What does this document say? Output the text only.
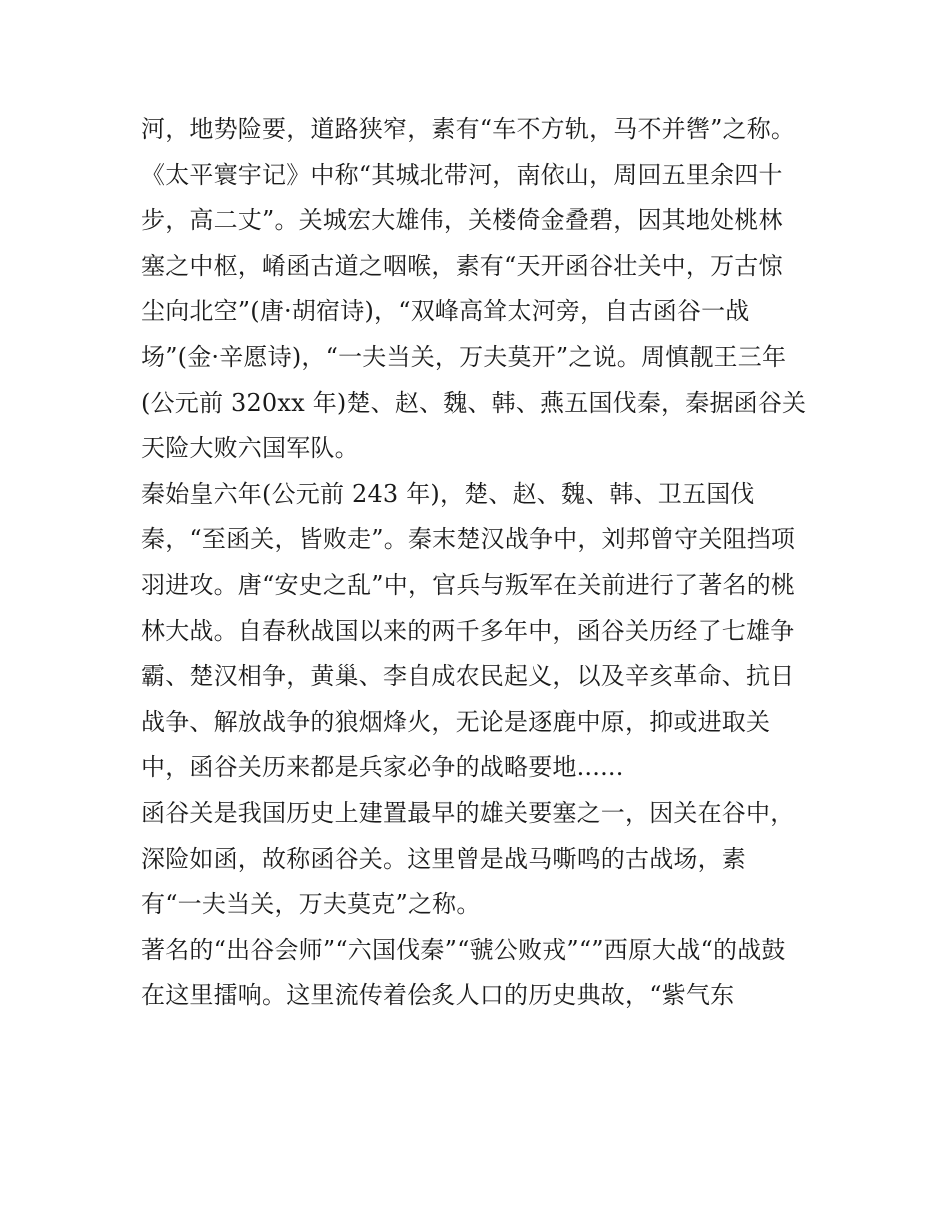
河，地势险要，道路狭窄，素有“车不方轨，马不并辔”之称。
《太平寰宇记》中称“其城北带河，南依山，周回五里余四十
步，高二丈”。关城宏大雄伟，关楼倚金叠碧，因其地处桃林
塞之中枢，崤函古道之咽喉，素有“天开函谷壮关中，万古惊
尘向北空”(唐·胡宿诗)，“双峰高耸太河旁，自古函谷一战
场”(金·辛愿诗)，“一夫当关，万夫莫开”之说。周慎靓王三年
(公元前 320xx 年)楚、赵、魏、韩、燕五国伐秦，秦据函谷关
天险大败六国军队。
秦始皇六年(公元前 243 年)，楚、赵、魏、韩、卫五国伐
秦，“至函关，皆败走”。秦末楚汉战争中，刘邦曾守关阻挡项
羽进攻。唐“安史之乱”中，官兵与叛军在关前进行了著名的桃
林大战。自春秋战国以来的两千多年中，函谷关历经了七雄争
霸、楚汉相争，黄巢、李自成农民起义，以及辛亥革命、抗日
战争、解放战争的狼烟烽火，无论是逐鹿中原，抑或进取关
中，函谷关历来都是兵家必争的战略要地......
函谷关是我国历史上建置最早的雄关要塞之一，因关在谷中，
深险如函，故称函谷关。这里曾是战马嘶鸣的古战场，素
有“一夫当关，万夫莫克”之称。
著名的“出谷会师”“六国伐秦”“虢公败戎”“”西原大战“的战鼓
在这里擂响。这里流传着侩炙人口的历史典故，“紫气东
